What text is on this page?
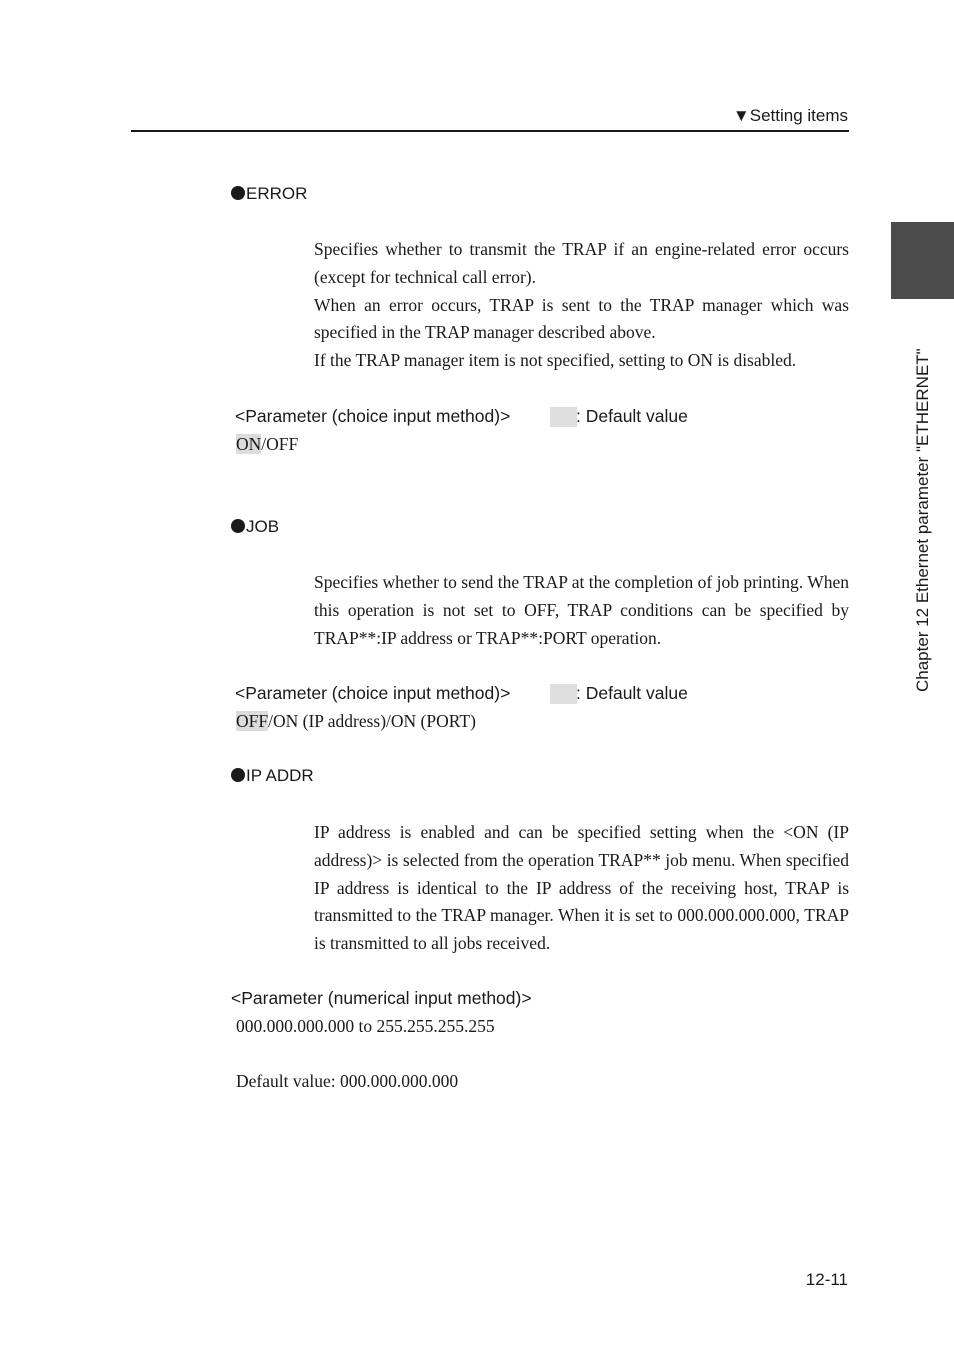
▼Setting items
Chapter 12 Ethernet parameter "ETHERNET"
ERROR

Specifies whether to transmit the TRAP if an engine-related error occurs (except for technical call error).

When an error occurs, TRAP is sent to the TRAP manager which was specified in the TRAP manager described above.

If the TRAP manager item is not specified, setting to ON is disabled.

<Parameter (choice input method)>	: Default value
ON/OFF
JOB

Specifies whether to send the TRAP at the completion of job printing. When this operation is not set to OFF, TRAP conditions can be specified by TRAP**:IP address or TRAP**:PORT operation.

<Parameter (choice input method)>	: Default value
OFF/ON (IP address)/ON (PORT)
IP ADDR

IP address is enabled and can be specified setting when the <ON (IP address)> is selected from the operation TRAP** job menu. When specified IP address is identical to the IP address of the receiving host, TRAP is transmitted to the TRAP manager. When it is set to 000.000.000.000, TRAP is transmitted to all jobs received.

<Parameter (numerical input method)>
000.000.000.000 to 255.255.255.255
Default value: 000.000.000.000
12-11
